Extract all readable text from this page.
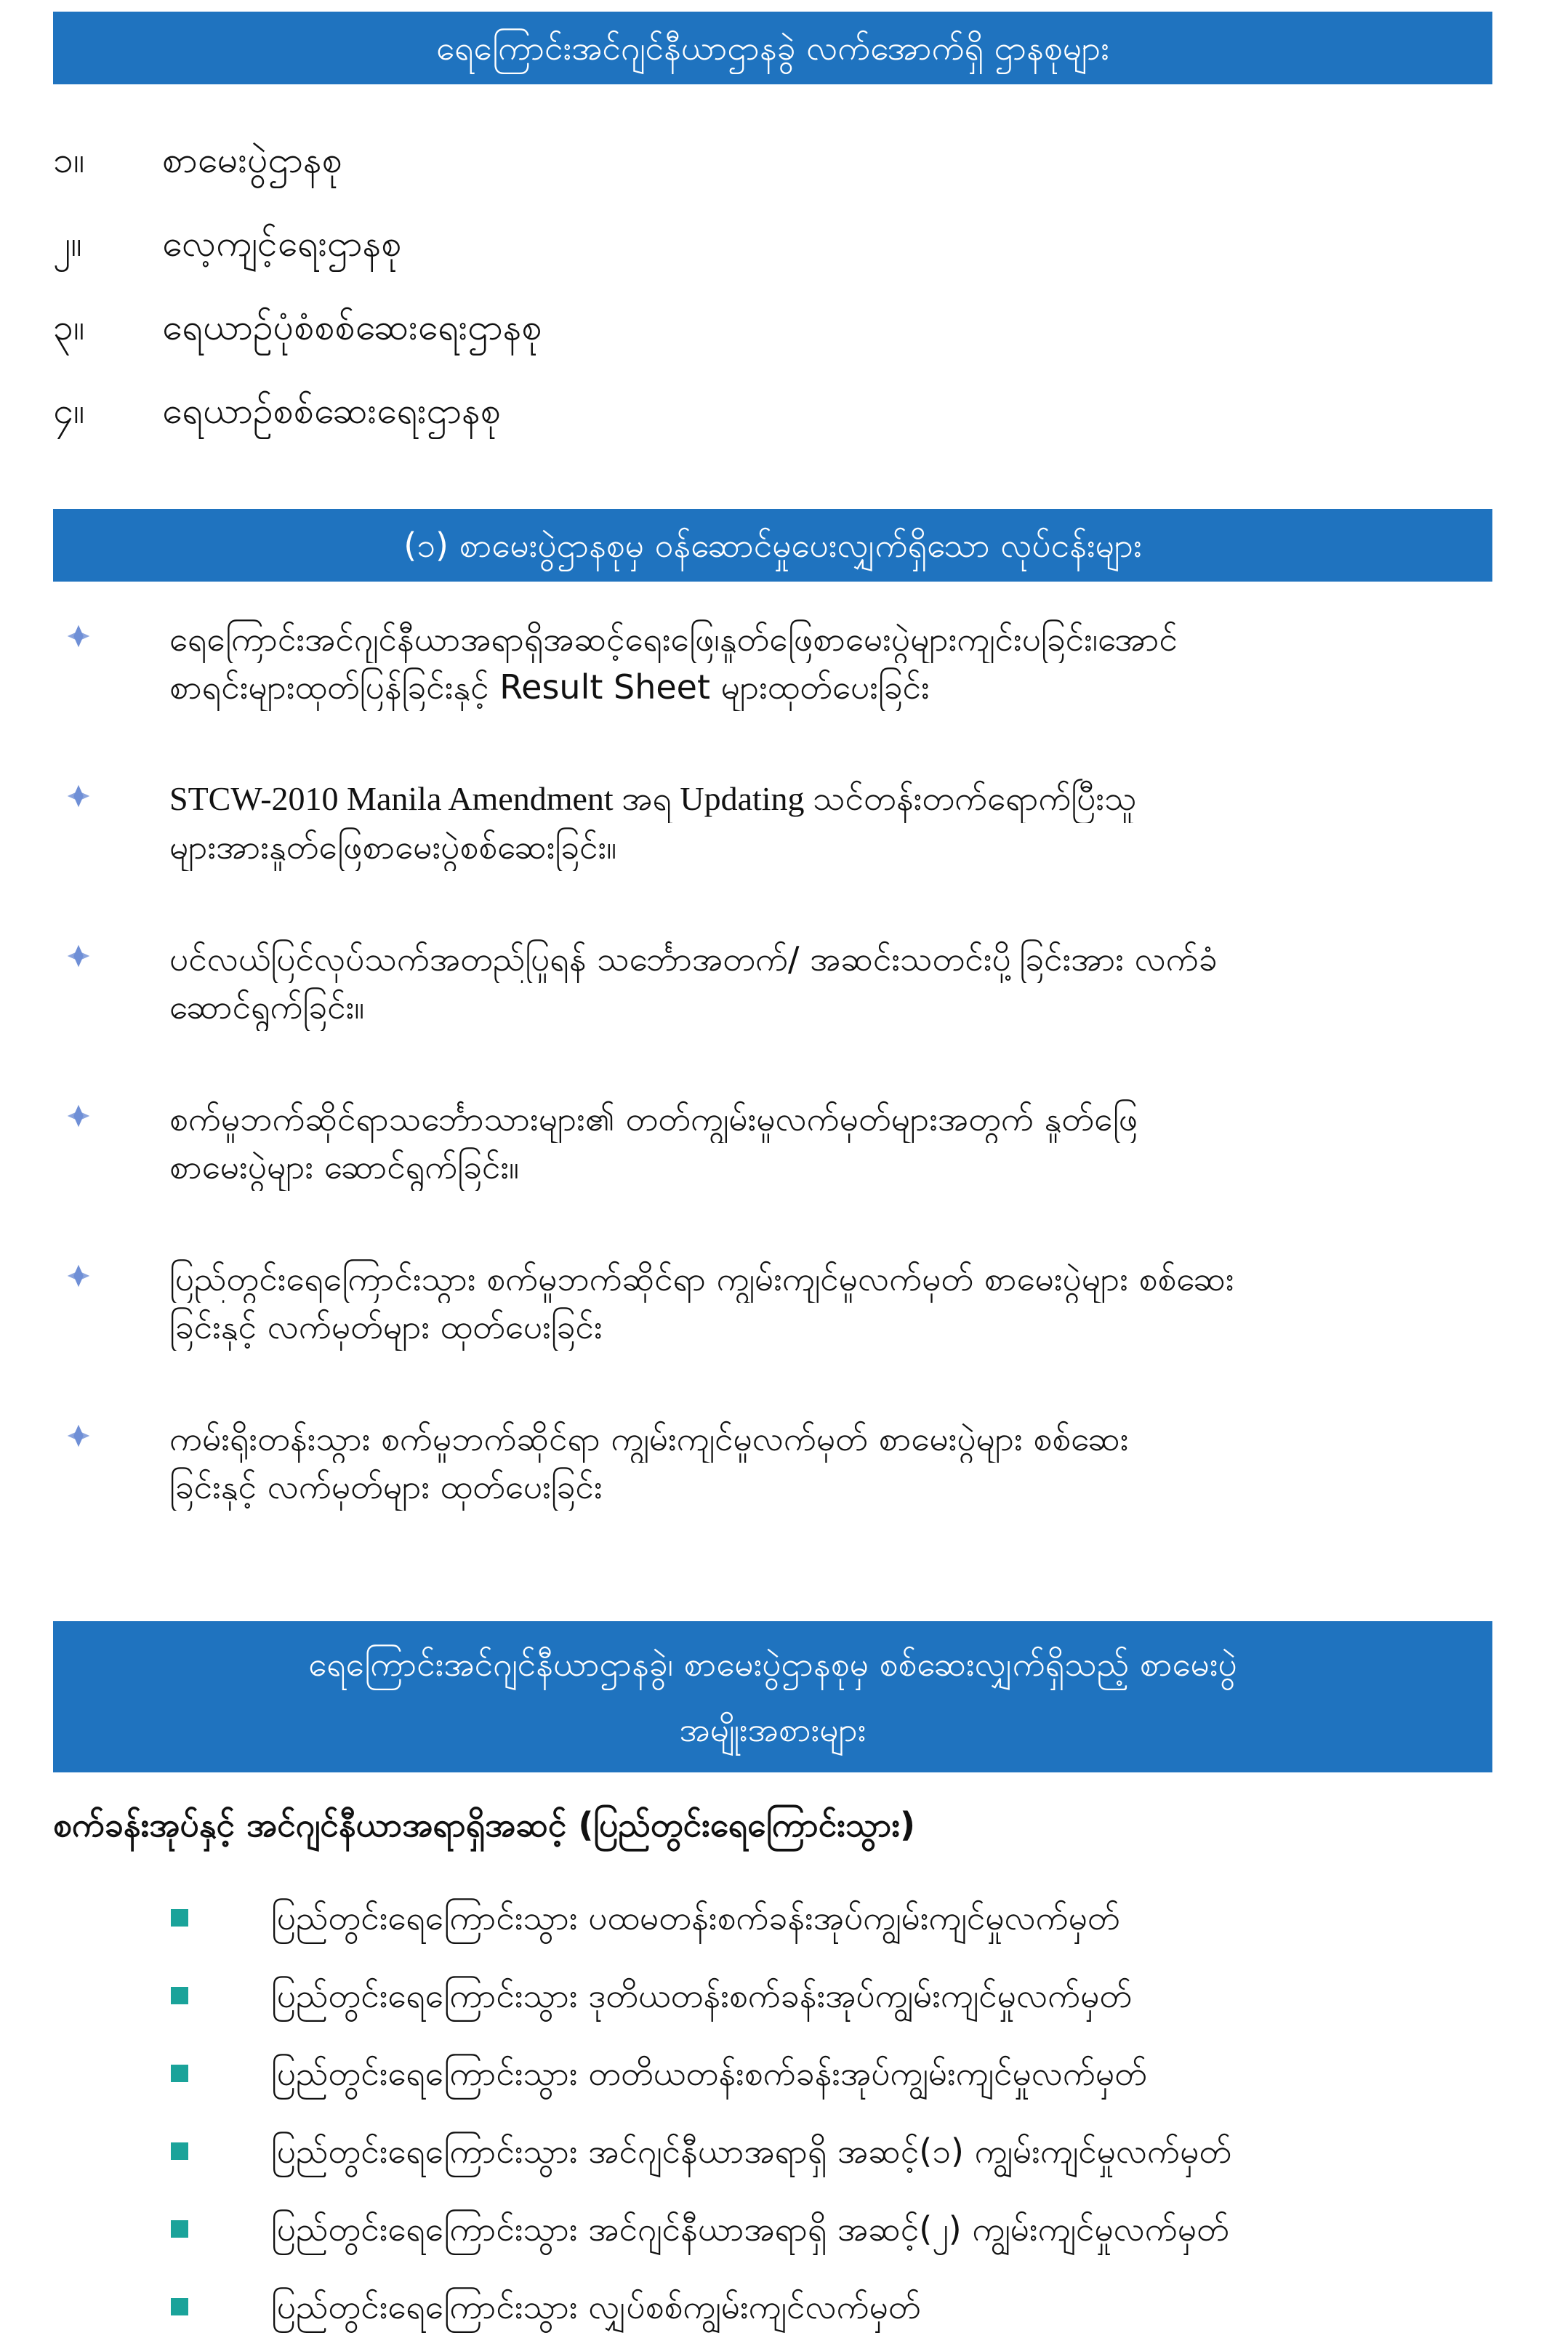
ရေကြောင်းအင်ဂျင်နီယာဌာနခွဲ လက်အောက်ရှိ ဌာနစုများ
၁။	စာမေးပွဲဌာနစု
၂။	လေ့ကျင့်ရေးဌာနစု
၃။	ရေယာဉ်ပုံစံစစ်ဆေးရေးဌာနစု
၄။	ရေယာဉ်စစ်ဆေးရေးဌာနစု
(၁) စာမေးပွဲဌာနစုမှ ဝန်ဆောင်မှုပေးလျှက်ရှိသော လုပ်ငန်းများ
ရေကြောင်းအင်ဂျင်နီယာအရာရှိအဆင့်ရေးဖြေ၊နှုတ်ဖြေစာမေးပွဲများကျင်းပခြင်း၊အောင်
စာရင်းများထုတ်ပြန်ခြင်းနှင့် Result Sheet များထုတ်ပေးခြင်း
STCW-2010 Manila Amendment အရ Updating သင်တန်းတက်ရောက်ပြီးသူ
များအားနှုတ်ဖြေစာမေးပွဲစစ်ဆေးခြင်း။
ပင်လယ်ပြင်လုပ်သက်အတည်ပြုရန် သင်္ဘောအတက်/ အဆင်းသတင်းပို့ခြင်းအား လက်ခံ
ဆောင်ရွက်ခြင်း။
စက်မှုဘက်ဆိုင်ရာသင်္ဘောသားများ၏ တတ်ကျွမ်းမှုလက်မှတ်များအတွက် နှုတ်ဖြေ
စာမေးပွဲများ ဆောင်ရွက်ခြင်း။
ပြည်တွင်းရေကြောင်းသွား စက်မှုဘက်ဆိုင်ရာ ကျွမ်းကျင်မှုလက်မှတ် စာမေးပွဲများ စစ်ဆေး
ခြင်းနှင့် လက်မှတ်များ ထုတ်ပေးခြင်း
ကမ်းရိုးတန်းသွား စက်မှုဘက်ဆိုင်ရာ ကျွမ်းကျင်မှုလက်မှတ် စာမေးပွဲများ စစ်ဆေး
ခြင်းနှင့် လက်မှတ်များ ထုတ်ပေးခြင်း
ရေကြောင်းအင်ဂျင်နီယာဌာနခွဲ၊ စာမေးပွဲဌာနစုမှ စစ်ဆေးလျှက်ရှိသည့် စာမေးပွဲ
အမျိုးအစားများ
စက်ခန်းအုပ်နှင့် အင်ဂျင်နီယာအရာရှိအဆင့် (ပြည်တွင်းရေကြောင်းသွား)
ပြည်တွင်းရေကြောင်းသွား ပထမတန်းစက်ခန်းအုပ်ကျွမ်းကျင်မှုလက်မှတ်
ပြည်တွင်းရေကြောင်းသွား ဒုတိယတန်းစက်ခန်းအုပ်ကျွမ်းကျင်မှုလက်မှတ်
ပြည်တွင်းရေကြောင်းသွား တတိယတန်းစက်ခန်းအုပ်ကျွမ်းကျင်မှုလက်မှတ်
ပြည်တွင်းရေကြောင်းသွား အင်ဂျင်နီယာအရာရှိ အဆင့်(၁) ကျွမ်းကျင်မှုလက်မှတ်
ပြည်တွင်းရေကြောင်းသွား အင်ဂျင်နီယာအရာရှိ အဆင့်(၂) ကျွမ်းကျင်မှုလက်မှတ်
ပြည်တွင်းရေကြောင်းသွား လျှပ်စစ်ကျွမ်းကျင်လက်မှတ်
